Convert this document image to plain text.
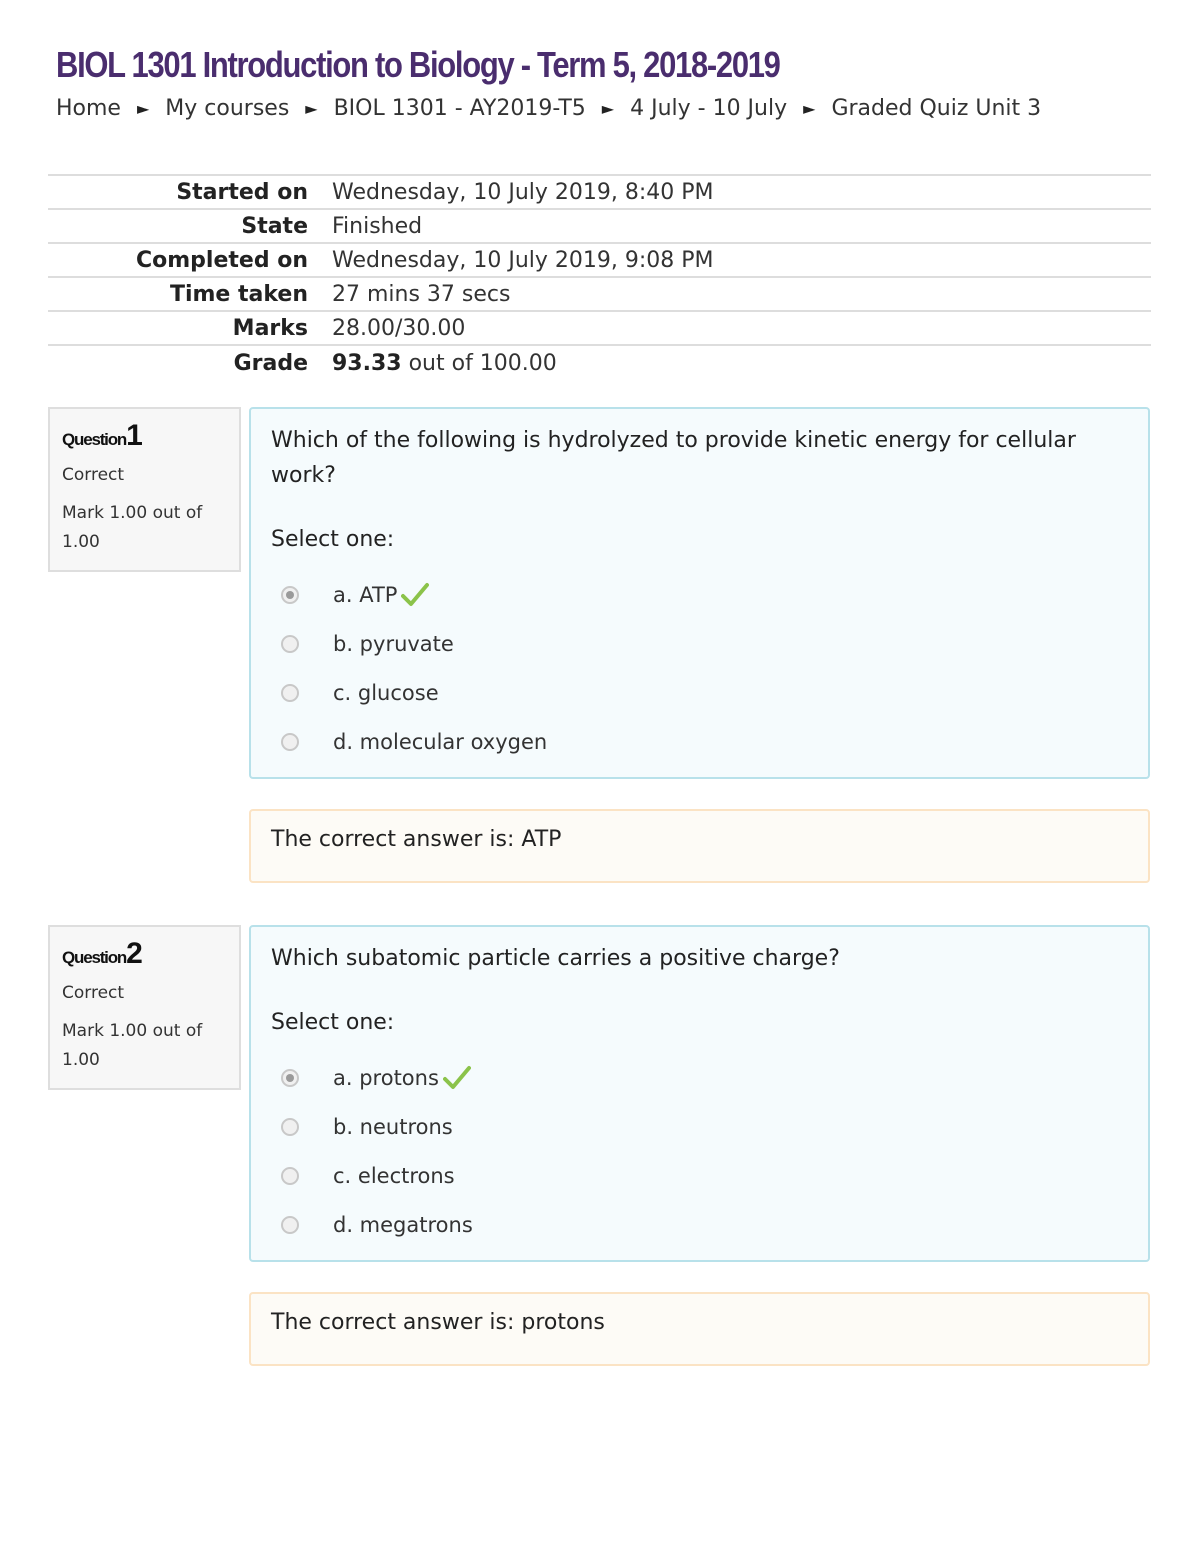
BIOL 1301 Introduction to Biology - Term 5, 2018-2019
Home ► My courses ► BIOL 1301 - AY2019-T5 ► 4 July - 10 July ► Graded Quiz Unit 3
Started on	Wednesday, 10 July 2019, 8:40 PM
State	Finished
Completed on	Wednesday, 10 July 2019, 9:08 PM
Time taken	27 mins 37 secs
Marks	28.00/30.00
Grade	93.33 out of 100.00
Question1
Correct
Mark 1.00 out of 1.00
Which of the following is hydrolyzed to provide kinetic energy for cellular work?
Select one:
a. ATP
b. pyruvate
c. glucose
d. molecular oxygen
The correct answer is: ATP
Question2
Correct
Mark 1.00 out of 1.00
Which subatomic particle carries a positive charge?
Select one:
a. protons
b. neutrons
c. electrons
d. megatrons
The correct answer is: protons
